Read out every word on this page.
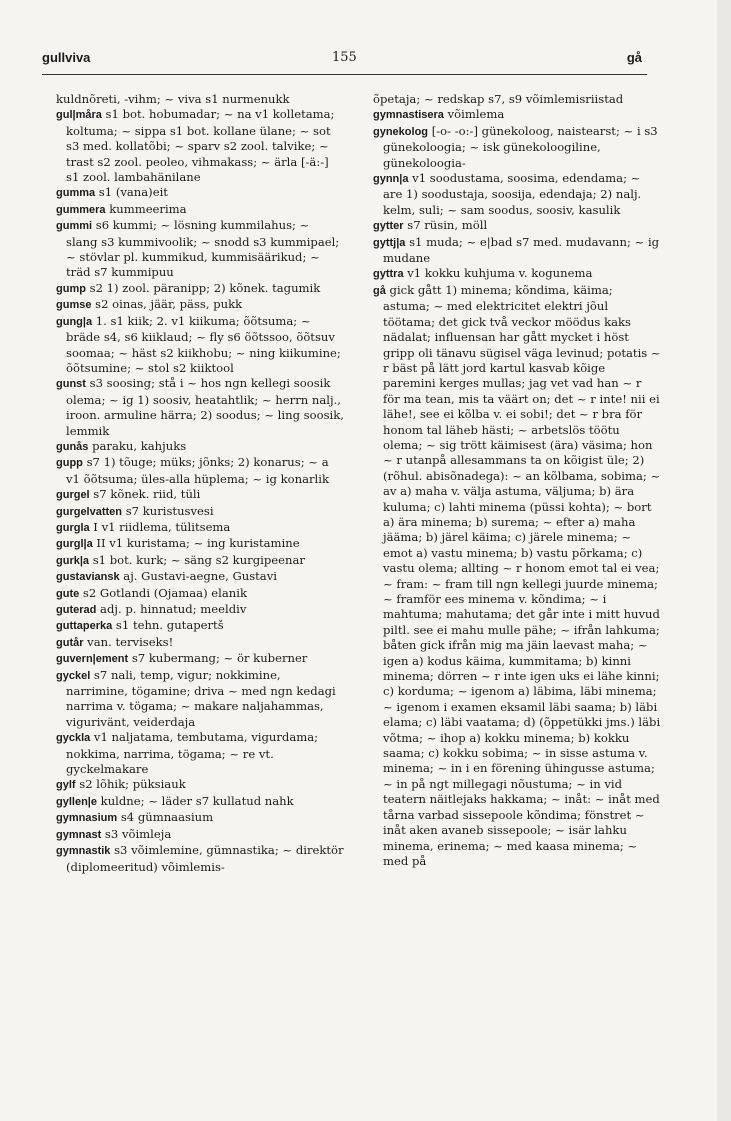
gullviva	155	gå

kuldnõreti, -vihm; ~ viva s1 nurmenukk

gul|måra s1 bot. hobumadar; ~ na v1 kolletama; koltuma; ~ sippa s1 bot. kollane ülane; ~ sot s3 med. kollatõbi; ~ sparv s2 zool. talvike; ~ trast s2 zool. peoleo, vihmakass; ~ ärla [-ä:-] s1 zool. lambahänilane

gumma s1 (vana)eit

gummera kummeerima

gummi s6 kummi; ~ lösning kummilahus; ~ slang s3 kummivoolik; ~ snodd s3 kummipael; ~ stövlar pl. kummikud, kummisäärikud; ~ träd s7 kummipuu

gump s2 1) zool. päranipp; 2) kõnek. tagumik

gumse s2 oinas, jäär, päss, pukk

gung|a 1. s1 kiik; 2. v1 kiikuma; õõtsuma; ~ bräde s4, s6 kiiklaud; ~ fly s6 õõtssoo, õõtsuv soomaa; ~ häst s2 kiikhobu; ~ ning kiikumine; õõtsumine; ~ stol s2 kiiktool

gunst s3 soosing; stå i ~ hos ngn kellegi soosik olema; ~ ig 1) soosiv, heatahtlik; ~ herrn nalj., iroon. armuline härra; 2) soodus; ~ ling soosik, lemmik

gunås paraku, kahjuks

gupp s7 1) tõuge; müks; jõnks; 2) konarus; ~ a v1 õõtsuma; üles-alla hüplema; ~ ig konarlik

gurgel s7 kõnek. riid, tüli

gurgelvatten s7 kuristusvesi

gurgla I v1 riidlema, tülitsema

gurgl|a II v1 kuristama; ~ ing kuristamine

gurk|a s1 bot. kurk; ~ säng s2 kurgipeenar

gustaviansk aj. Gustavi-aegne, Gustavi

gute s2 Gotlandi (Ojamaa) elanik

guterad adj. p. hinnatud; meeldiv

guttaperka s1 tehn. gutapertš

gutår van. terviseks!

guvern|ement s7 kubermang; ~ ör kuberner

gyckel s7 nali, temp, vigur; nokkimine, narrimine, tögamine; driva ~ med ngn kedagi narrima v. tögama; ~ makare naljahammas, vigurivänt, veiderdaja

gyckla v1 naljatama, tembutama, vigurdama; nokkima, narrima, tögama; ~ re vt. gyckelmakare

gylf s2 lõhik; püksiauk

gyllen|e kuldne; ~ läder s7 kullatud nahk

gymnasium s4 gümnaasium

gymnast s3 võimleja

gymnastik s3 võimlemine, gümnastika; ~ direktör (diplomeeritud) võimlemis-

õpetaja; ~ redskap s7, s9 võimlemisriistad

gymnastisera võimlema

gynekolog [-o- -o:-] günekoloog, naistearst; ~ i s3 günekoloogia; ~ isk günekoloogiline, günekoloogia-

gynn|a v1 soodustama, soosima, edendama; ~ are 1) soodustaja, soosija, edendaja; 2) nalj. kelm, suli; ~ sam soodus, soosiv, kasulik

gytter s7 rüsin, möll

gyttj|a s1 muda; ~ e|bad s7 med. mudavann; ~ ig mudane

gyttra v1 kokku kuhjuma v. kogunema

gå gick gått 1) minema; kõndima, käima; astuma; ~ med elektricitet elektri jõul töötama; det gick två veckor möödus kaks nädalat; influensan har gått mycket i höst gripp oli tänavu sügisel väga levinud; potatis ~ r bäst på lätt jord kartul kasvab kõige paremini kerges mullas; jag vet vad han ~ r för ma tean, mis ta väärt on; det ~ r inte! nii ei lähe!, see ei kõlba v. ei sobi!; det ~ r bra för honom tal läheb hästi; ~ arbetslös töötu olema; ~ sig trött käimisest (ära) väsima; hon ~ r utanpå allesammans ta on kõigist üle; 2) (rõhul. abisõnadega): ~ an kõlbama, sobima; ~ av a) maha v. välja astuma, väljuma; b) ära kuluma; c) lahti minema (püssi kohta); ~ bort a) ära minema; b) surema; ~ efter a) maha jääma; b) järel käima; c) järele minema; ~ emot a) vastu minema; b) vastu põrkama; c) vastu olema; allting ~ r honom emot tal ei vea; ~ fram: ~ fram till ngn kellegi juurde minema; ~ framför ees minema v. kõndima; ~ i mahtuma; mahutama; det går inte i mitt huvud piltl. see ei mahu mulle pähe; ~ ifrån lahkuma; båten gick ifrån mig ma jäin laevast maha; ~ igen a) kodus käima, kummitama; b) kinni minema; dörren ~ r inte igen uks ei lähe kinni; c) korduma; ~ igenom a) läbima, läbi minema; ~ igenom i examen eksamil läbi saama; b) läbi elama; c) läbi vaatama; d) (õppetükki jms.) läbi võtma; ~ ihop a) kokku minema; b) kokku saama; c) kokku sobima; ~ in sisse astuma v. minema; ~ in i en förening ühingusse astuma; ~ in på ngt millegagi nõustuma; ~ in vid teatern näitlejaks hakkama; ~ inåt: ~ inåt med tårna varbad sissepoole kõndima; fönstret ~ inåt aken avaneb sissepoole; ~ isär lahku minema, erinema; ~ med kaasa minema; ~ med på
